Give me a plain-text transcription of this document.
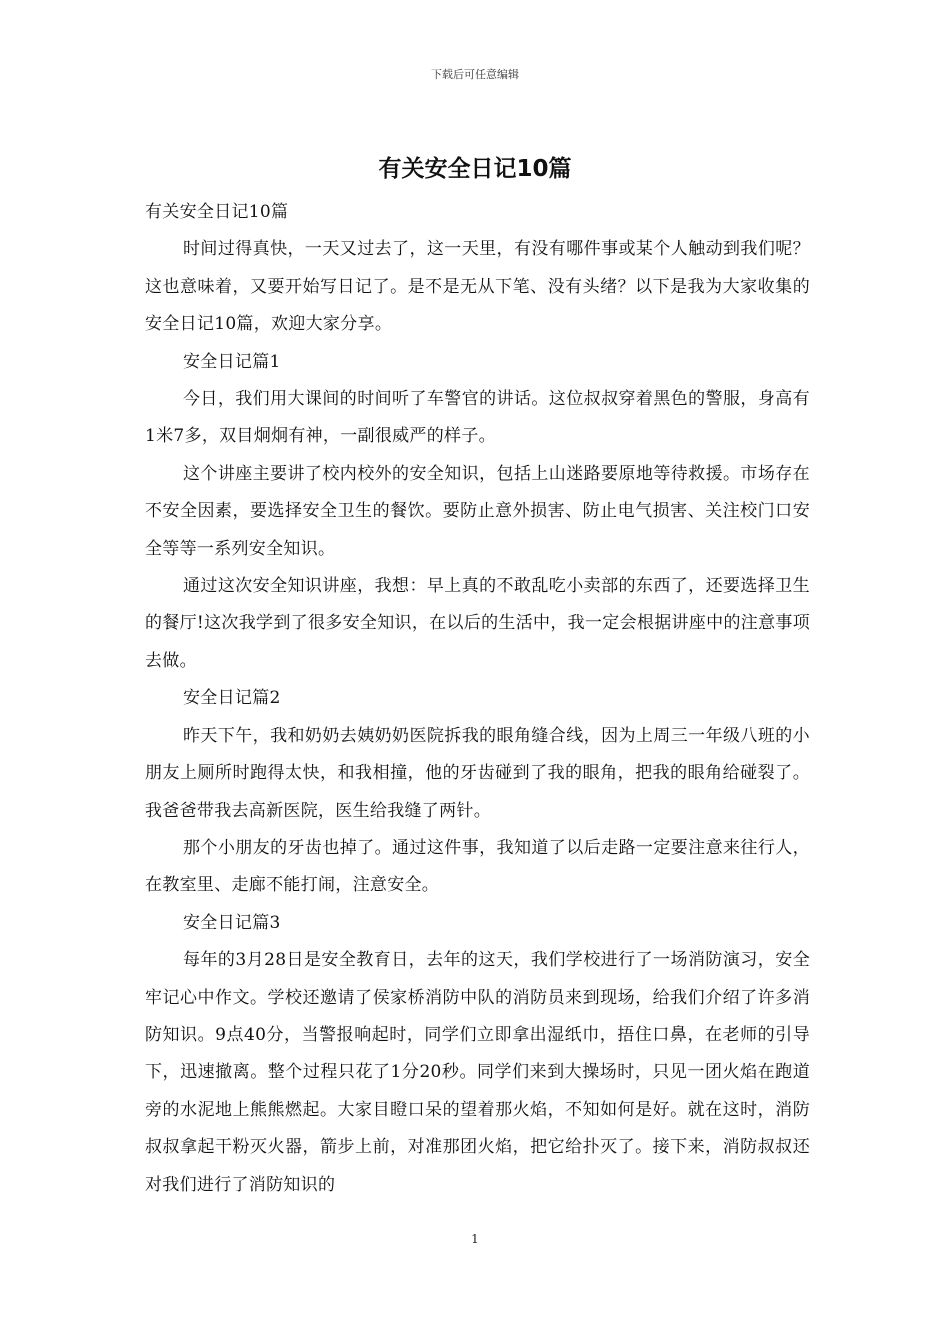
下载后可任意编辑

有关安全日记10篇

有关安全日记10篇

时间过得真快，一天又过去了，这一天里，有没有哪件事或某个人触动到我们呢？这也意味着，又要开始写日记了。是不是无从下笔、没有头绪？以下是我为大家收集的安全日记10篇，欢迎大家分享。

安全日记篇1

今日，我们用大课间的时间听了车警官的讲话。这位叔叔穿着黑色的警服，身高有1米7多，双目炯炯有神，一副很威严的样子。

这个讲座主要讲了校内校外的安全知识，包括上山迷路要原地等待救援。市场存在不安全因素，要选择安全卫生的餐饮。要防止意外损害、防止电气损害、关注校门口安全等等一系列安全知识。

通过这次安全知识讲座，我想：早上真的不敢乱吃小卖部的东西了，还要选择卫生的餐厅!这次我学到了很多安全知识，在以后的生活中，我一定会根据讲座中的注意事项去做。

安全日记篇2

昨天下午，我和奶奶去姨奶奶医院拆我的眼角缝合线，因为上周三一年级八班的小朋友上厕所时跑得太快，和我相撞，他的牙齿碰到了我的眼角，把我的眼角给碰裂了。我爸爸带我去高新医院，医生给我缝了两针。

那个小朋友的牙齿也掉了。通过这件事，我知道了以后走路一定要注意来往行人，在教室里、走廊不能打闹，注意安全。

安全日记篇3

每年的3月28日是安全教育日，去年的这天，我们学校进行了一场消防演习，安全牢记心中作文。学校还邀请了侯家桥消防中队的消防员来到现场，给我们介绍了许多消防知识。9点40分，当警报响起时，同学们立即拿出湿纸巾，捂住口鼻，在老师的引导下，迅速撤离。整个过程只花了1分20秒。同学们来到大操场时，只见一团火焰在跑道旁的水泥地上熊熊燃起。大家目瞪口呆的望着那火焰，不知如何是好。就在这时，消防叔叔拿起干粉灭火器，箭步上前，对准那团火焰，把它给扑灭了。接下来，消防叔叔还对我们进行了消防知识的

1
